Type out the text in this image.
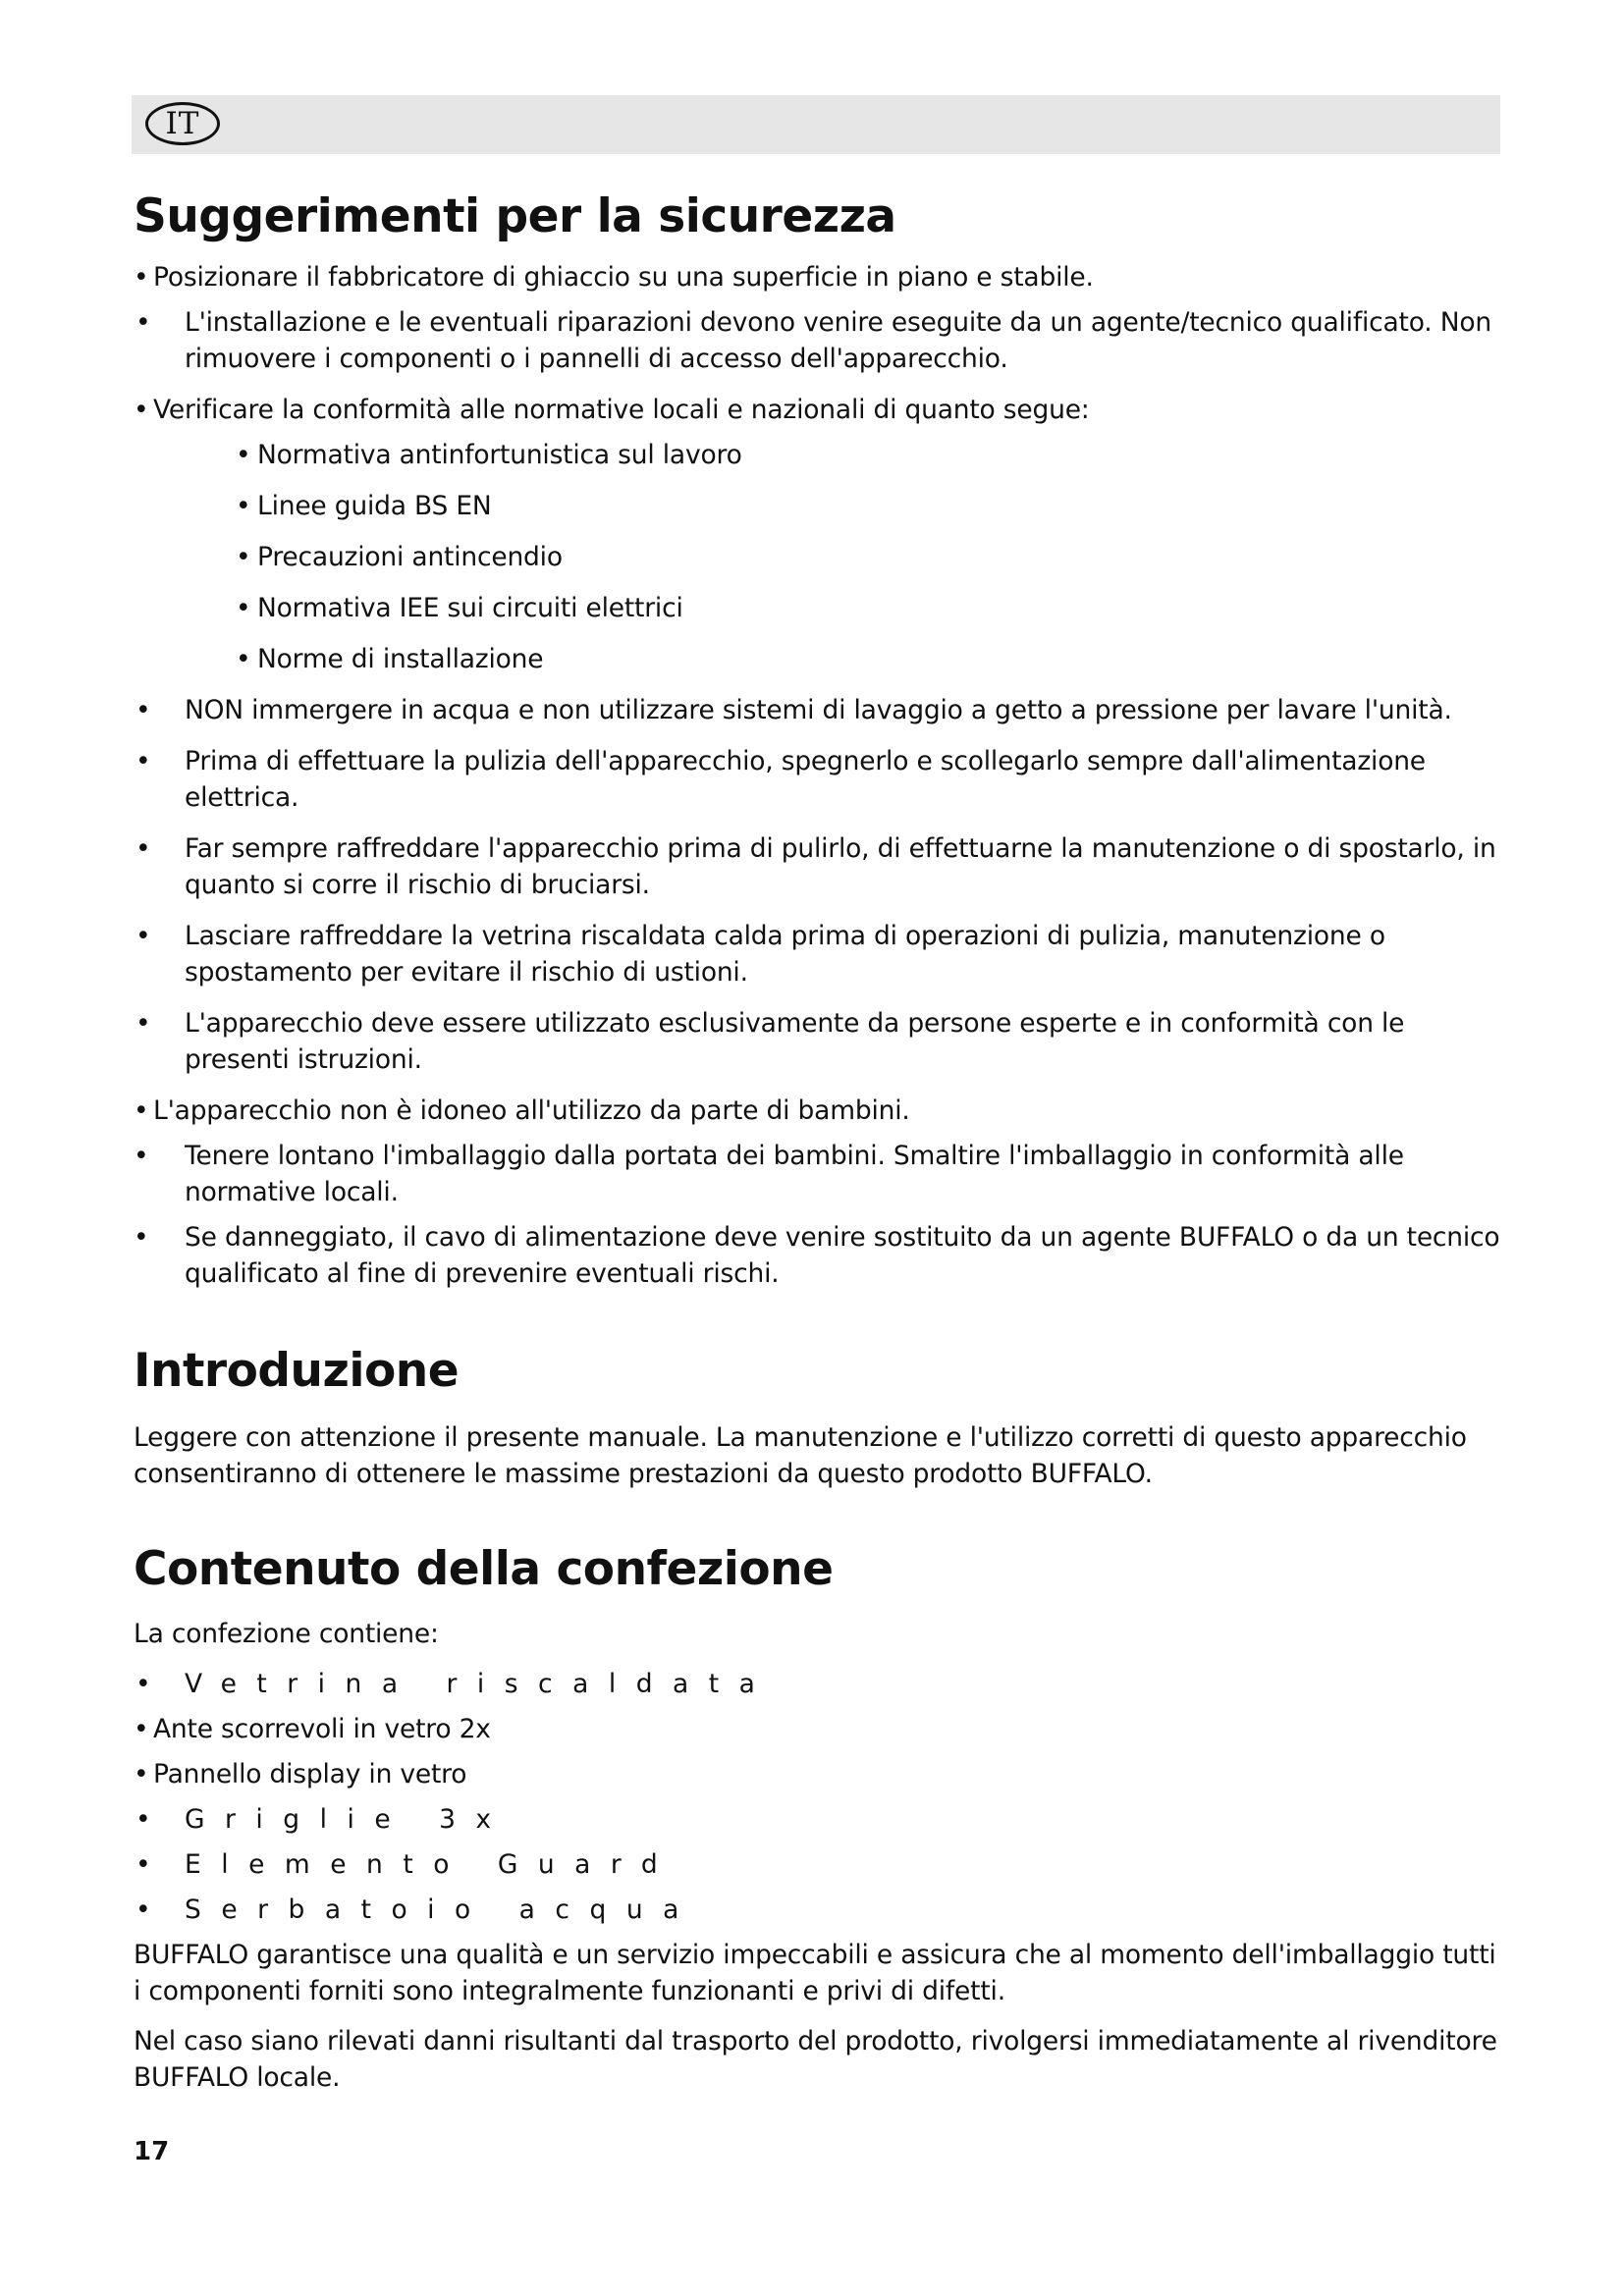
IT
Suggerimenti per la sicurezza
• Posizionare il fabbricatore di ghiaccio su una superficie in piano e stabile.
• L'installazione e le eventuali riparazioni devono venire eseguite da un agente/tecnico qualificato. Non rimuovere i componenti o i pannelli di accesso dell'apparecchio.
• Verificare la conformità alle normative locali e nazionali di quanto segue:
• Normativa antinfortunistica sul lavoro
• Linee guida BS EN
• Precauzioni antincendio
• Normativa IEE sui circuiti elettrici
• Norme di installazione
• NON immergere in acqua e non utilizzare sistemi di lavaggio a getto a pressione per lavare l'unità.
• Prima di effettuare la pulizia dell'apparecchio, spegnerlo e scollegarlo sempre dall'alimentazione elettrica.
• Far sempre raffreddare l'apparecchio prima di pulirlo, di effettuarne la manutenzione o di spostarlo, in quanto si corre il rischio di bruciarsi.
• Lasciare raffreddare la vetrina riscaldata calda prima di operazioni di pulizia, manutenzione o spostamento per evitare il rischio di ustioni.
• L'apparecchio deve essere utilizzato esclusivamente da persone esperte e in conformità con le presenti istruzioni.
• L'apparecchio non è idoneo all'utilizzo da parte di bambini.
• Tenere lontano l'imballaggio dalla portata dei bambini. Smaltire l'imballaggio in conformità alle normative locali.
• Se danneggiato, il cavo di alimentazione deve venire sostituito da un agente BUFFALO o da un tecnico qualificato al fine di prevenire eventuali rischi.
Introduzione

Leggere con attenzione il presente manuale. La manutenzione e l'utilizzo corretti di questo apparecchio consentiranno di ottenere le massime prestazioni da questo prodotto BUFFALO.

Contenuto della confezione

La confezione contiene:

• Vetrina riscaldata
• Ante scorrevoli in vetro 2x
• Pannello display in vetro
• Griglie 3x
• Elemento Guard
• Serbatoio acqua

BUFFALO garantisce una qualità e un servizio impeccabili e assicura che al momento dell'imballaggio tutti i componenti forniti sono integralmente funzionanti e privi di difetti.

Nel caso siano rilevati danni risultanti dal trasporto del prodotto, rivolgersi immediatamente al rivenditore BUFFALO locale.

17
